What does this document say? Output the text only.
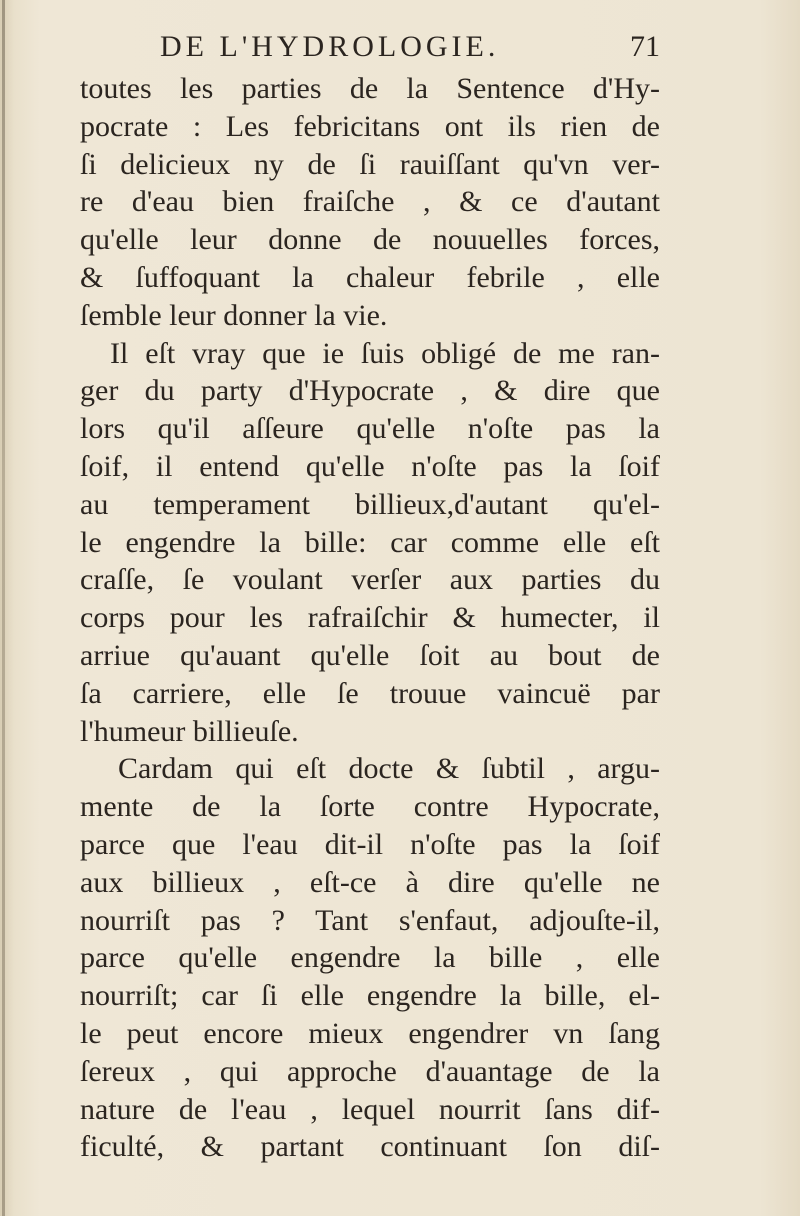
DE L'HYDROLOGIE.	71
toutes les parties de la Sentence d'Hy-
pocrate : Les febricitans ont ils rien de
ſi delicieux ny de ſi rauiſſant qu'vn ver-
re d'eau bien fraiſche , & ce d'autant
qu'elle leur donne de nouuelles forces,
& ſuffoquant la chaleur febrile , elle
ſemble leur donner la vie.
Il eſt vray que ie ſuis obligé de me ran-
ger du party d'Hypocrate , & dire que
lors qu'il aſſeure qu'elle n'oſte pas la
ſoif, il entend qu'elle n'oſte pas la ſoif
au temperament billieux,d'autant qu'el-
le engendre la bille: car comme elle eſt
craſſe, ſe voulant verſer aux parties du
corps pour les rafraiſchir & humecter, il
arriue qu'auant qu'elle ſoit au bout de
ſa carriere, elle ſe trouue vaincuë par
l'humeur billieuſe.
Cardam qui eſt docte & ſubtil , argu-
mente de la ſorte contre Hypocrate,
parce que l'eau dit-il n'oſte pas la ſoif
aux billieux , eſt-ce à dire qu'elle ne
nourriſt pas ? Tant s'enfaut, adjouſte-il,
parce qu'elle engendre la bille , elle
nourriſt; car ſi elle engendre la bille, el-
le peut encore mieux engendrer vn ſang
ſereux , qui approche d'auantage de la
nature de l'eau , lequel nourrit ſans dif-
ficulté, & partant continuant ſon diſ-
